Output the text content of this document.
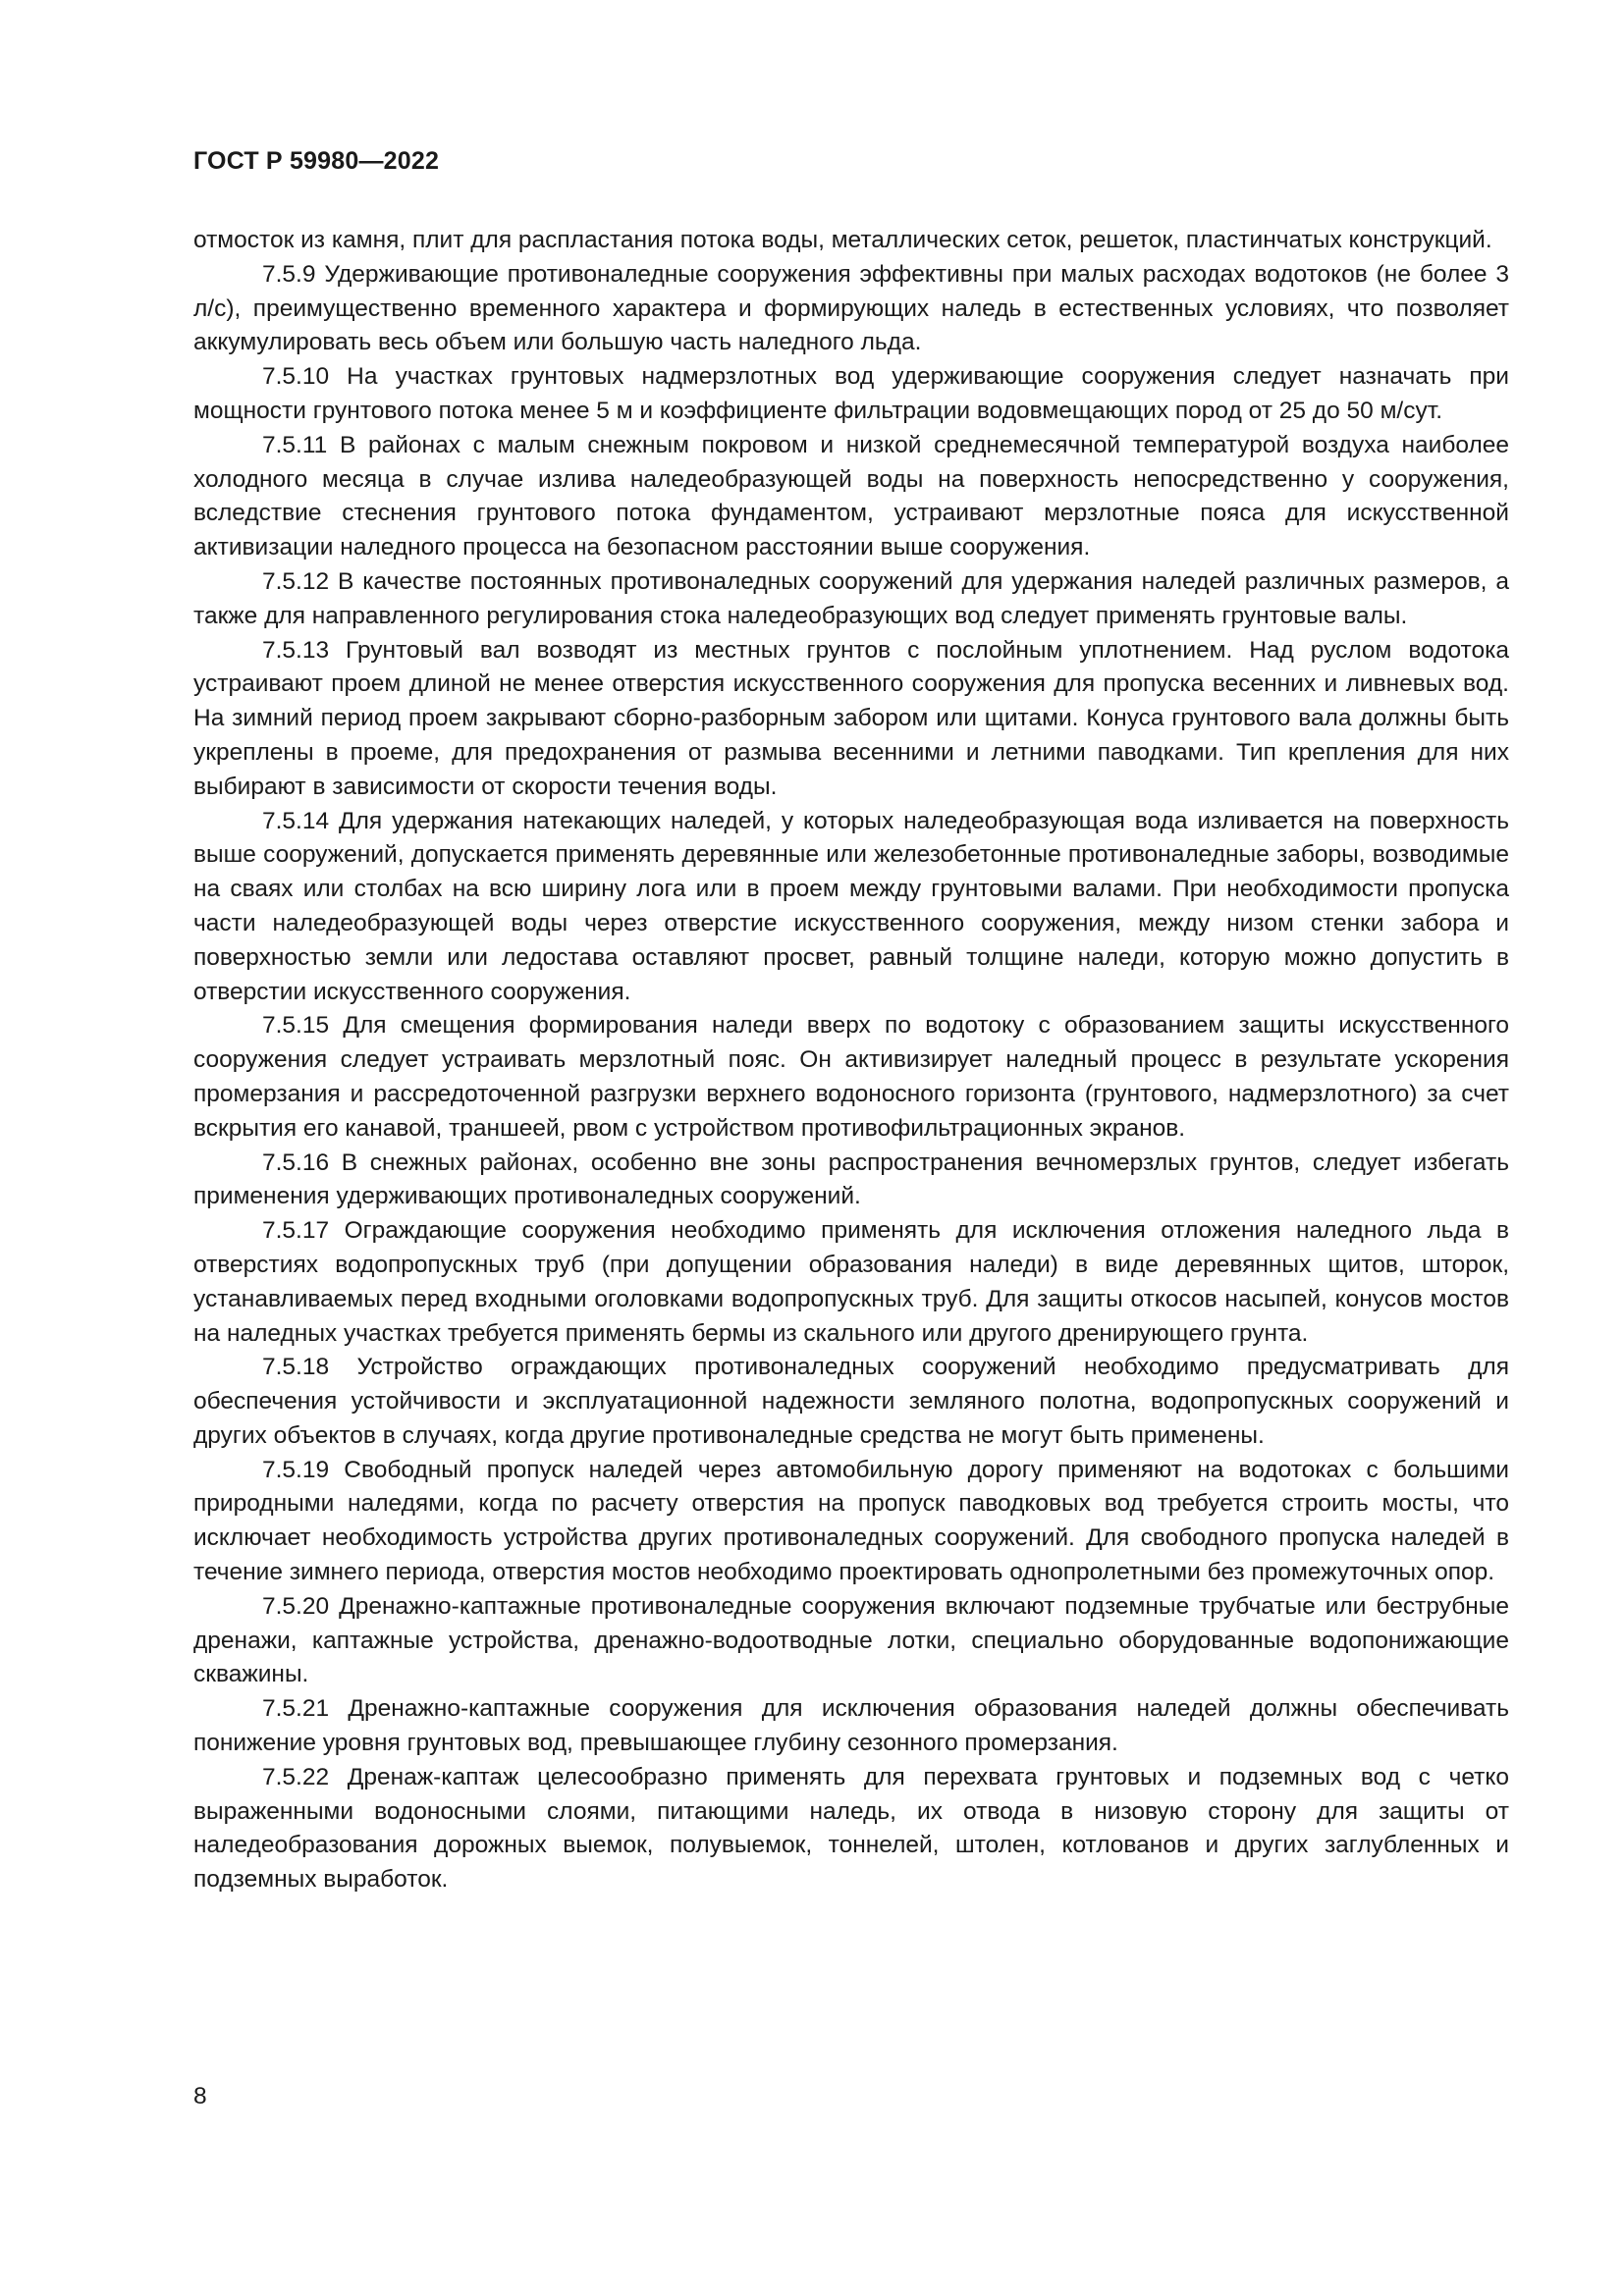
ГОСТ Р 59980—2022

отмосток из камня, плит для распластания потока воды, металлических сеток, решеток, пластинчатых конструкций.

7.5.9 Удерживающие противоналедные сооружения эффективны при малых расходах водотоков (не более 3 л/с), преимущественно временного характера и формирующих наледь в естественных условиях, что позволяет аккумулировать весь объем или большую часть наледного льда.

7.5.10 На участках грунтовых надмерзлотных вод удерживающие сооружения следует назначать при мощности грунтового потока менее 5 м и коэффициенте фильтрации водовмещающих пород от 25 до 50 м/сут.

7.5.11 В районах с малым снежным покровом и низкой среднемесячной температурой воздуха наиболее холодного месяца в случае излива наледеобразующей воды на поверхность непосредственно у сооружения, вследствие стеснения грунтового потока фундаментом, устраивают мерзлотные пояса для искусственной активизации наледного процесса на безопасном расстоянии выше сооружения.

7.5.12 В качестве постоянных противоналедных сооружений для удержания наледей различных размеров, а также для направленного регулирования стока наледеобразующих вод следует применять грунтовые валы.

7.5.13 Грунтовый вал возводят из местных грунтов с послойным уплотнением. Над руслом водотока устраивают проем длиной не менее отверстия искусственного сооружения для пропуска весенних и ливневых вод. На зимний период проем закрывают сборно-разборным забором или щитами. Конуса грунтового вала должны быть укреплены в проеме, для предохранения от размыва весенними и летними паводками. Тип крепления для них выбирают в зависимости от скорости течения воды.

7.5.14 Для удержания натекающих наледей, у которых наледеобразующая вода изливается на поверхность выше сооружений, допускается применять деревянные или железобетонные противоналедные заборы, возводимые на сваях или столбах на всю ширину лога или в проем между грунтовыми валами. При необходимости пропуска части наледеобразующей воды через отверстие искусственного сооружения, между низом стенки забора и поверхностью земли или ледостава оставляют просвет, равный толщине наледи, которую можно допустить в отверстии искусственного сооружения.

7.5.15 Для смещения формирования наледи вверх по водотоку с образованием защиты искусственного сооружения следует устраивать мерзлотный пояс. Он активизирует наледный процесс в результате ускорения промерзания и рассредоточенной разгрузки верхнего водоносного горизонта (грунтового, надмерзлотного) за счет вскрытия его канавой, траншеей, рвом с устройством противофильтрационных экранов.

7.5.16 В снежных районах, особенно вне зоны распространения вечномерзлых грунтов, следует избегать применения удерживающих противоналедных сооружений.

7.5.17 Ограждающие сооружения необходимо применять для исключения отложения наледного льда в отверстиях водопропускных труб (при допущении образования наледи) в виде деревянных щитов, шторок, устанавливаемых перед входными оголовками водопропускных труб. Для защиты откосов насыпей, конусов мостов на наледных участках требуется применять бермы из скального или другого дренирующего грунта.

7.5.18 Устройство ограждающих противоналедных сооружений необходимо предусматривать для обеспечения устойчивости и эксплуатационной надежности земляного полотна, водопропускных сооружений и других объектов в случаях, когда другие противоналедные средства не могут быть применены.

7.5.19 Свободный пропуск наледей через автомобильную дорогу применяют на водотоках с большими природными наледями, когда по расчету отверстия на пропуск паводковых вод требуется строить мосты, что исключает необходимость устройства других противоналедных сооружений. Для свободного пропуска наледей в течение зимнего периода, отверстия мостов необходимо проектировать однопролетными без промежуточных опор.

7.5.20 Дренажно-каптажные противоналедные сооружения включают подземные трубчатые или беструбные дренажи, каптажные устройства, дренажно-водоотводные лотки, специально оборудованные водопонижающие скважины.

7.5.21 Дренажно-каптажные сооружения для исключения образования наледей должны обеспечивать понижение уровня грунтовых вод, превышающее глубину сезонного промерзания.

7.5.22 Дренаж-каптаж целесообразно применять для перехвата грунтовых и подземных вод с четко выраженными водоносными слоями, питающими наледь, их отвода в низовую сторону для защиты от наледеобразования дорожных выемок, полувыемок, тоннелей, штолен, котлованов и других заглубленных и подземных выработок.

8
